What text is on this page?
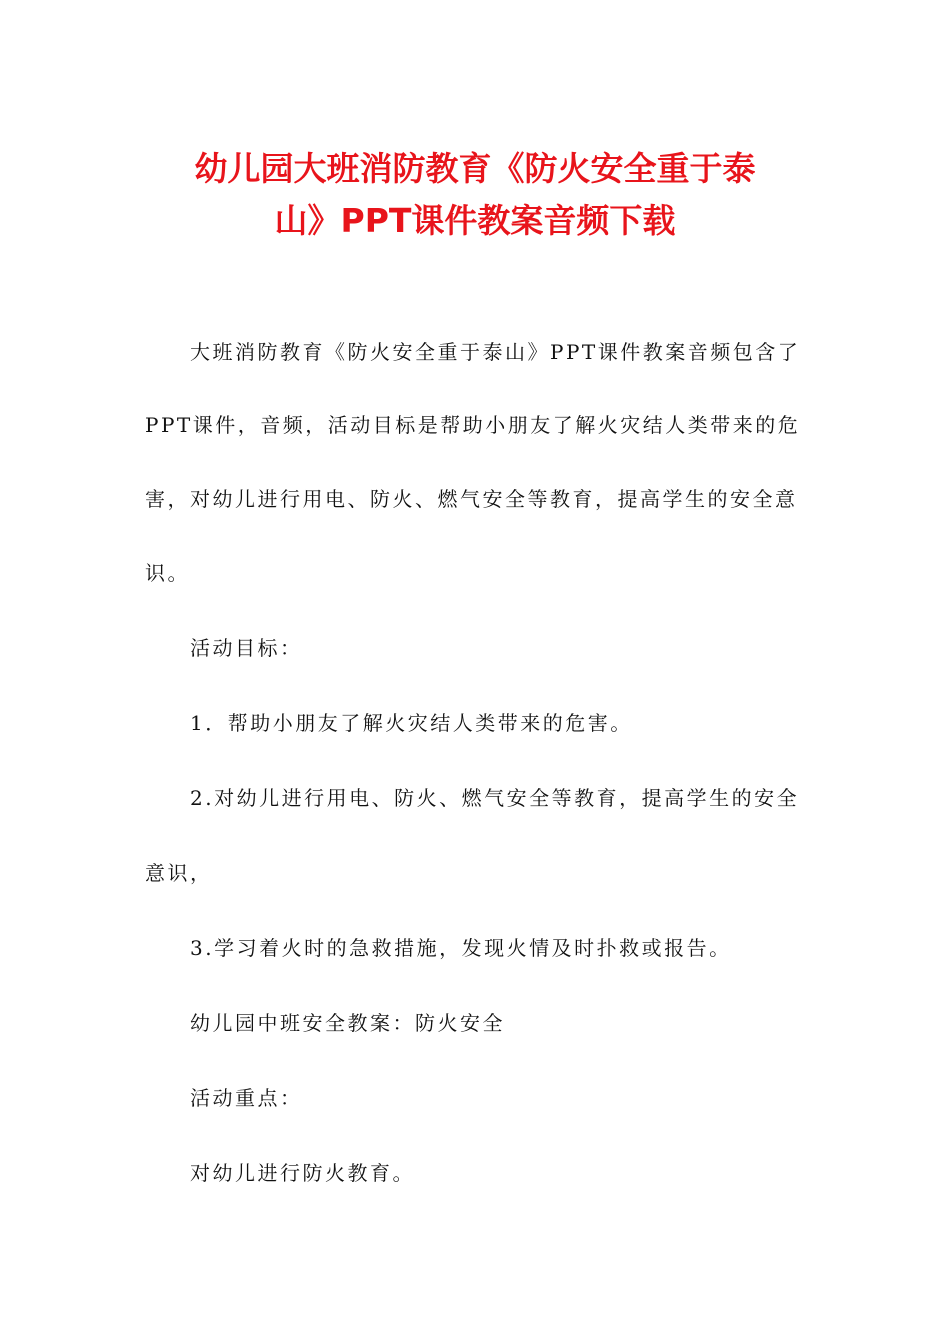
幼儿园大班消防教育《防火安全重于泰
山》PPT课件教案音频下载
大班消防教育《防火安全重于泰山》PPT课件教案音频包含了
PPT课件，音频，活动目标是帮助小朋友了解火灾结人类带来的危
害，对幼儿进行用电、防火、燃气安全等教育，提高学生的安全意
识。
活动目标：
1．帮助小朋友了解火灾结人类带来的危害。
2.对幼儿进行用电、防火、燃气安全等教育，提高学生的安全
意识，
3.学习着火时的急救措施，发现火情及时扑救或报告。
幼儿园中班安全教案：防火安全
活动重点：
对幼儿进行防火教育。
